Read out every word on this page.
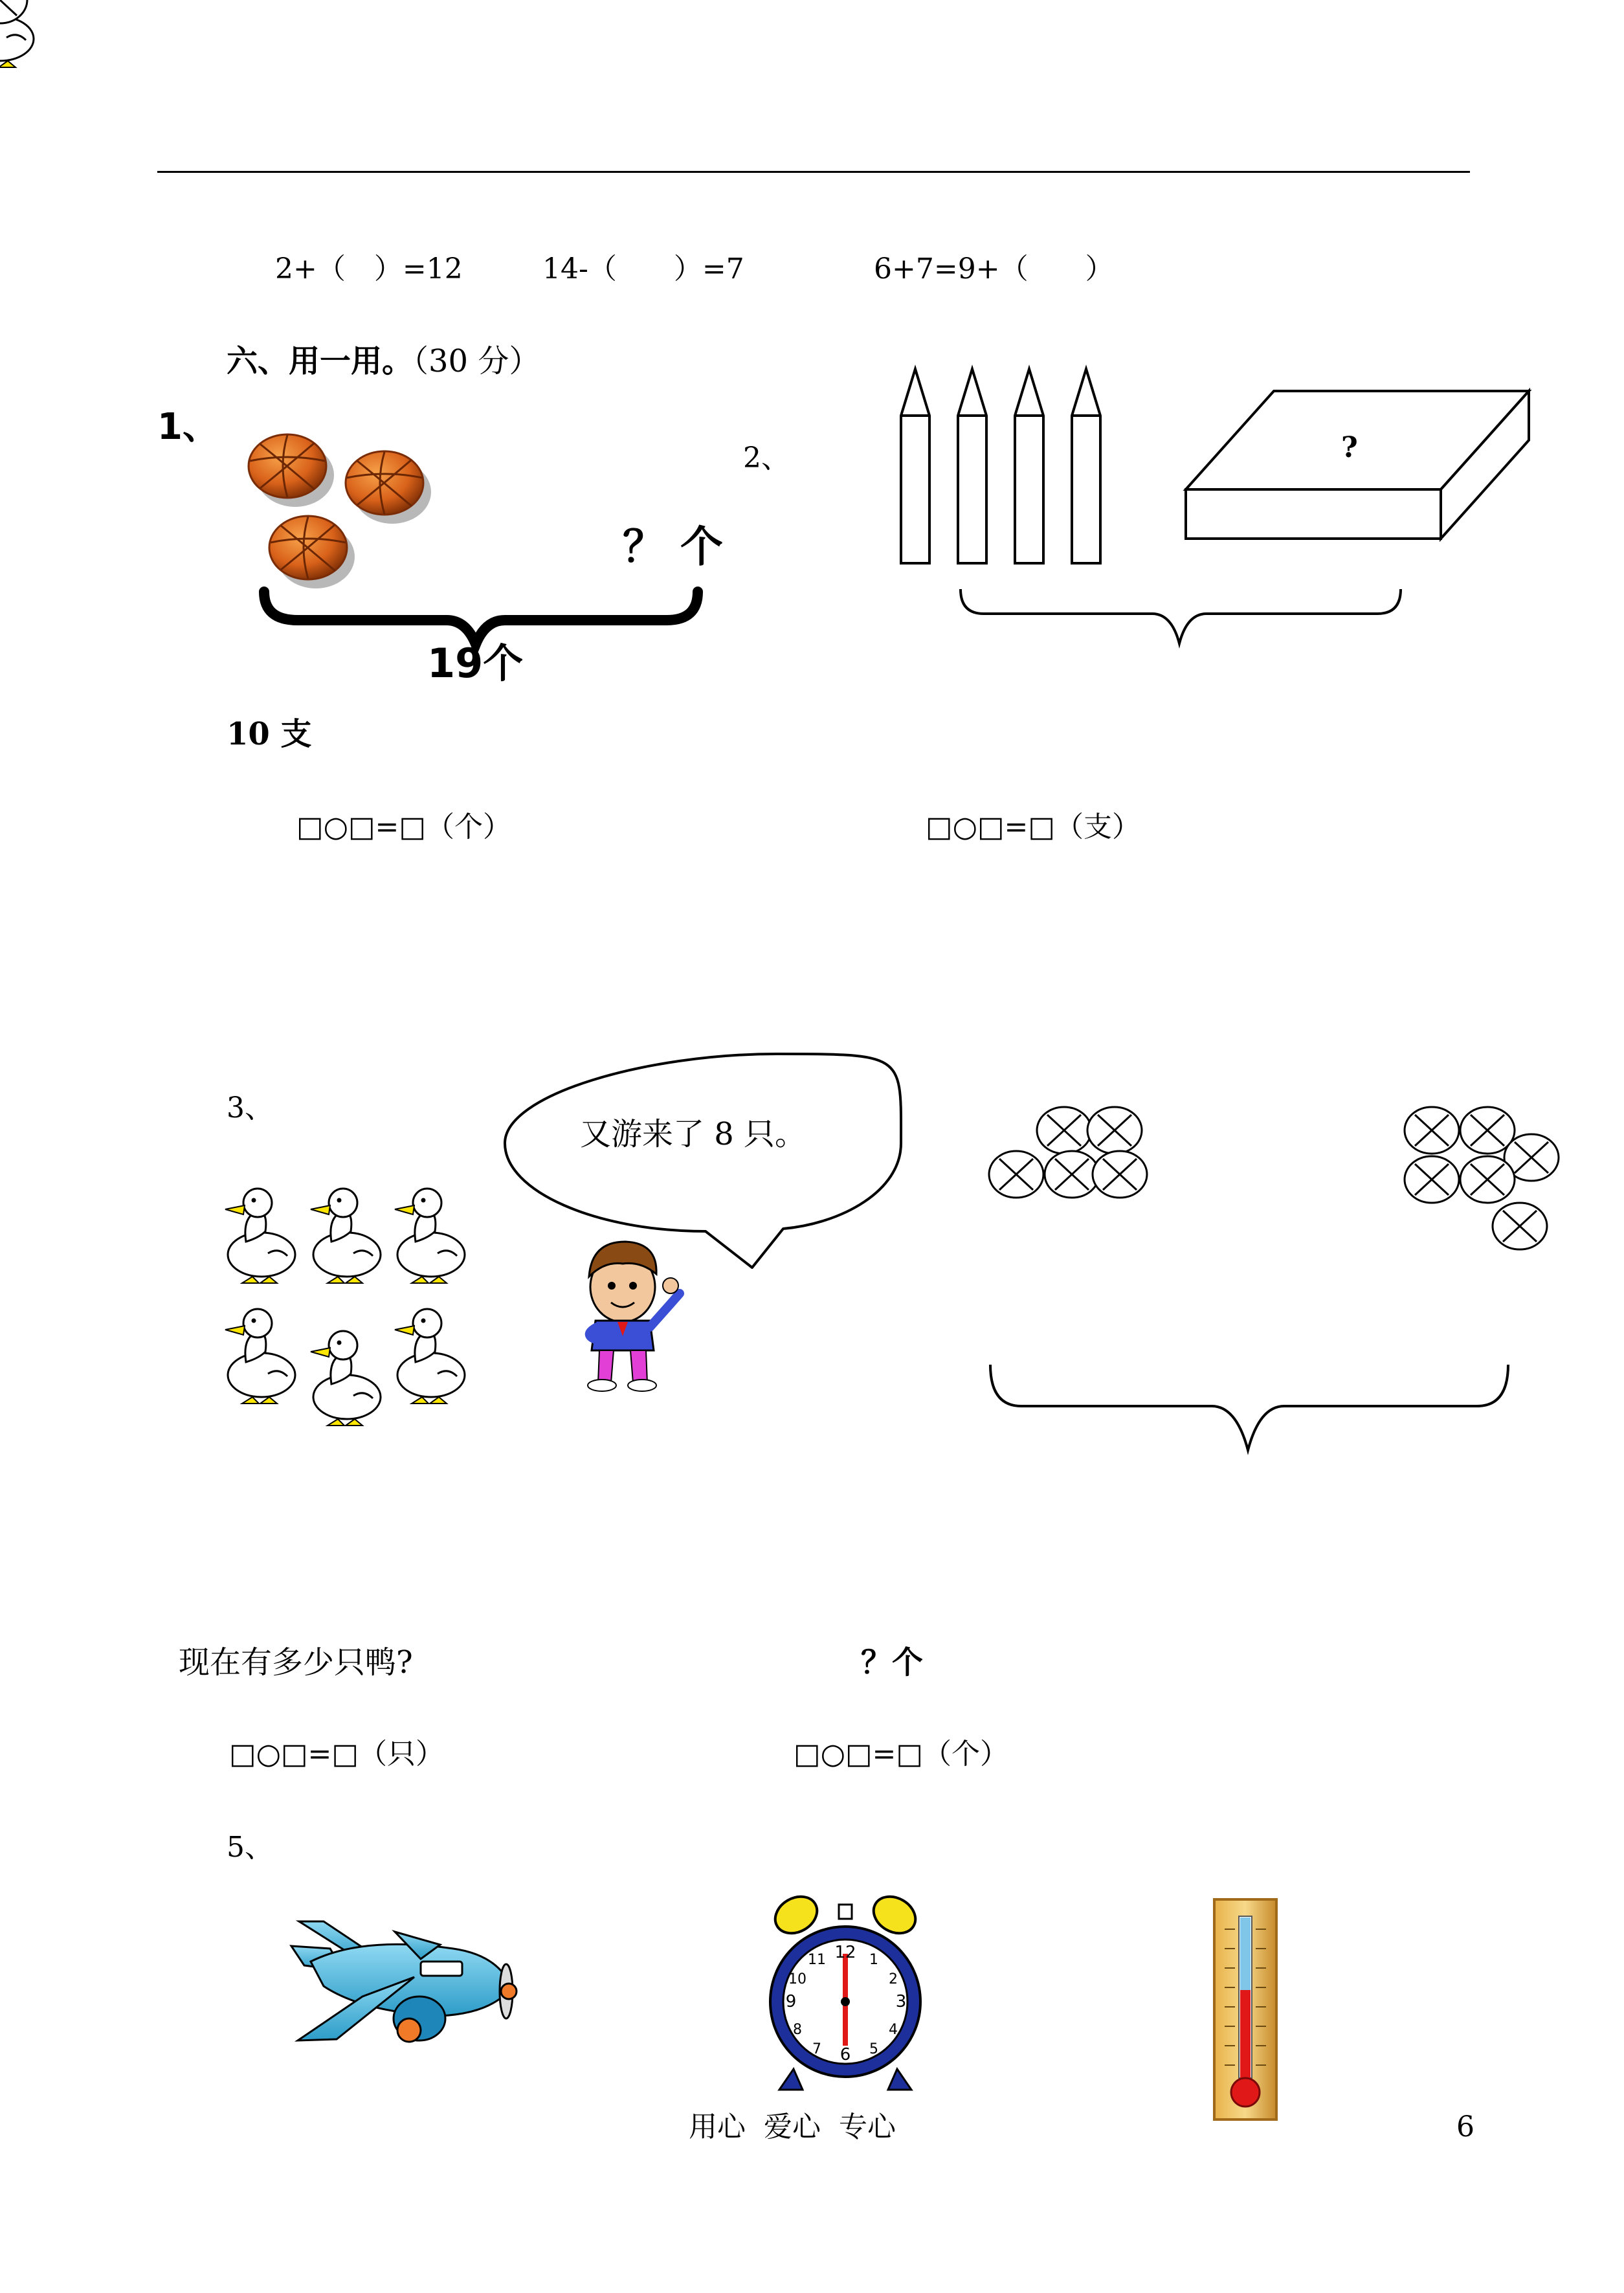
2+（　）=12	14-（　　）=7	6+7=9+（　　）
六、用一用。（30 分）
1、
12
3
6
9
1
2
4
5
7
8
10
11
？ 个
19个
□○□=□（个）
2、	?
10 支
□○□=□（支）
3、
又游来了 8 只。
现在有多少只鸭?
□○□=□（只）
？个
□○□=□（个）
5、
用心  爱心  专心	6
